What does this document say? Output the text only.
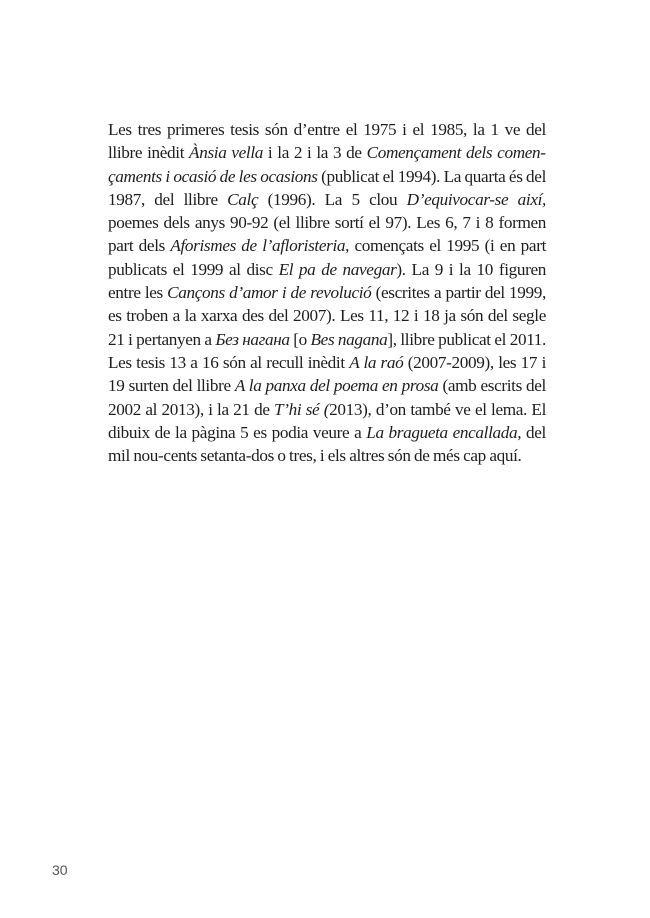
Les tres primeres tesis són d’entre el 1975 i el 1985, la 1 ve del llibre inèdit Ànsia vella i la 2 i la 3 de Començament dels començaments i ocasió de les ocasions (publicat el 1994). La quarta és del 1987, del llibre Calç (1996). La 5 clou D’equivocar-se així, poemes dels anys 90-92 (el llibre sortí el 97). Les 6, 7 i 8 formen part dels Aforismes de l’afloristeria, començats el 1995 (i en part publicats el 1999 al disc El pa de navegar). La 9 i la 10 figuren entre les Cançons d’amor i de revolució (escrites a partir del 1999, es troben a la xarxa des del 2007). Les 11, 12 i 18 ja són del segle 21 i pertanyen a Без нагана [o Bes nagana], llibre publicat el 2011. Les tesis 13 a 16 són al recull inèdit A la raó (2007-2009), les 17 i 19 surten del llibre A la panxa del poema en prosa (amb escrits del 2002 al 2013), i la 21 de T’hi sé (2013), d’on també ve el lema. El dibuix de la pàgina 5 es podia veure a La bragueta encallada, del mil nou-cents setanta-dos o tres, i els altres són de més cap aquí.

30
